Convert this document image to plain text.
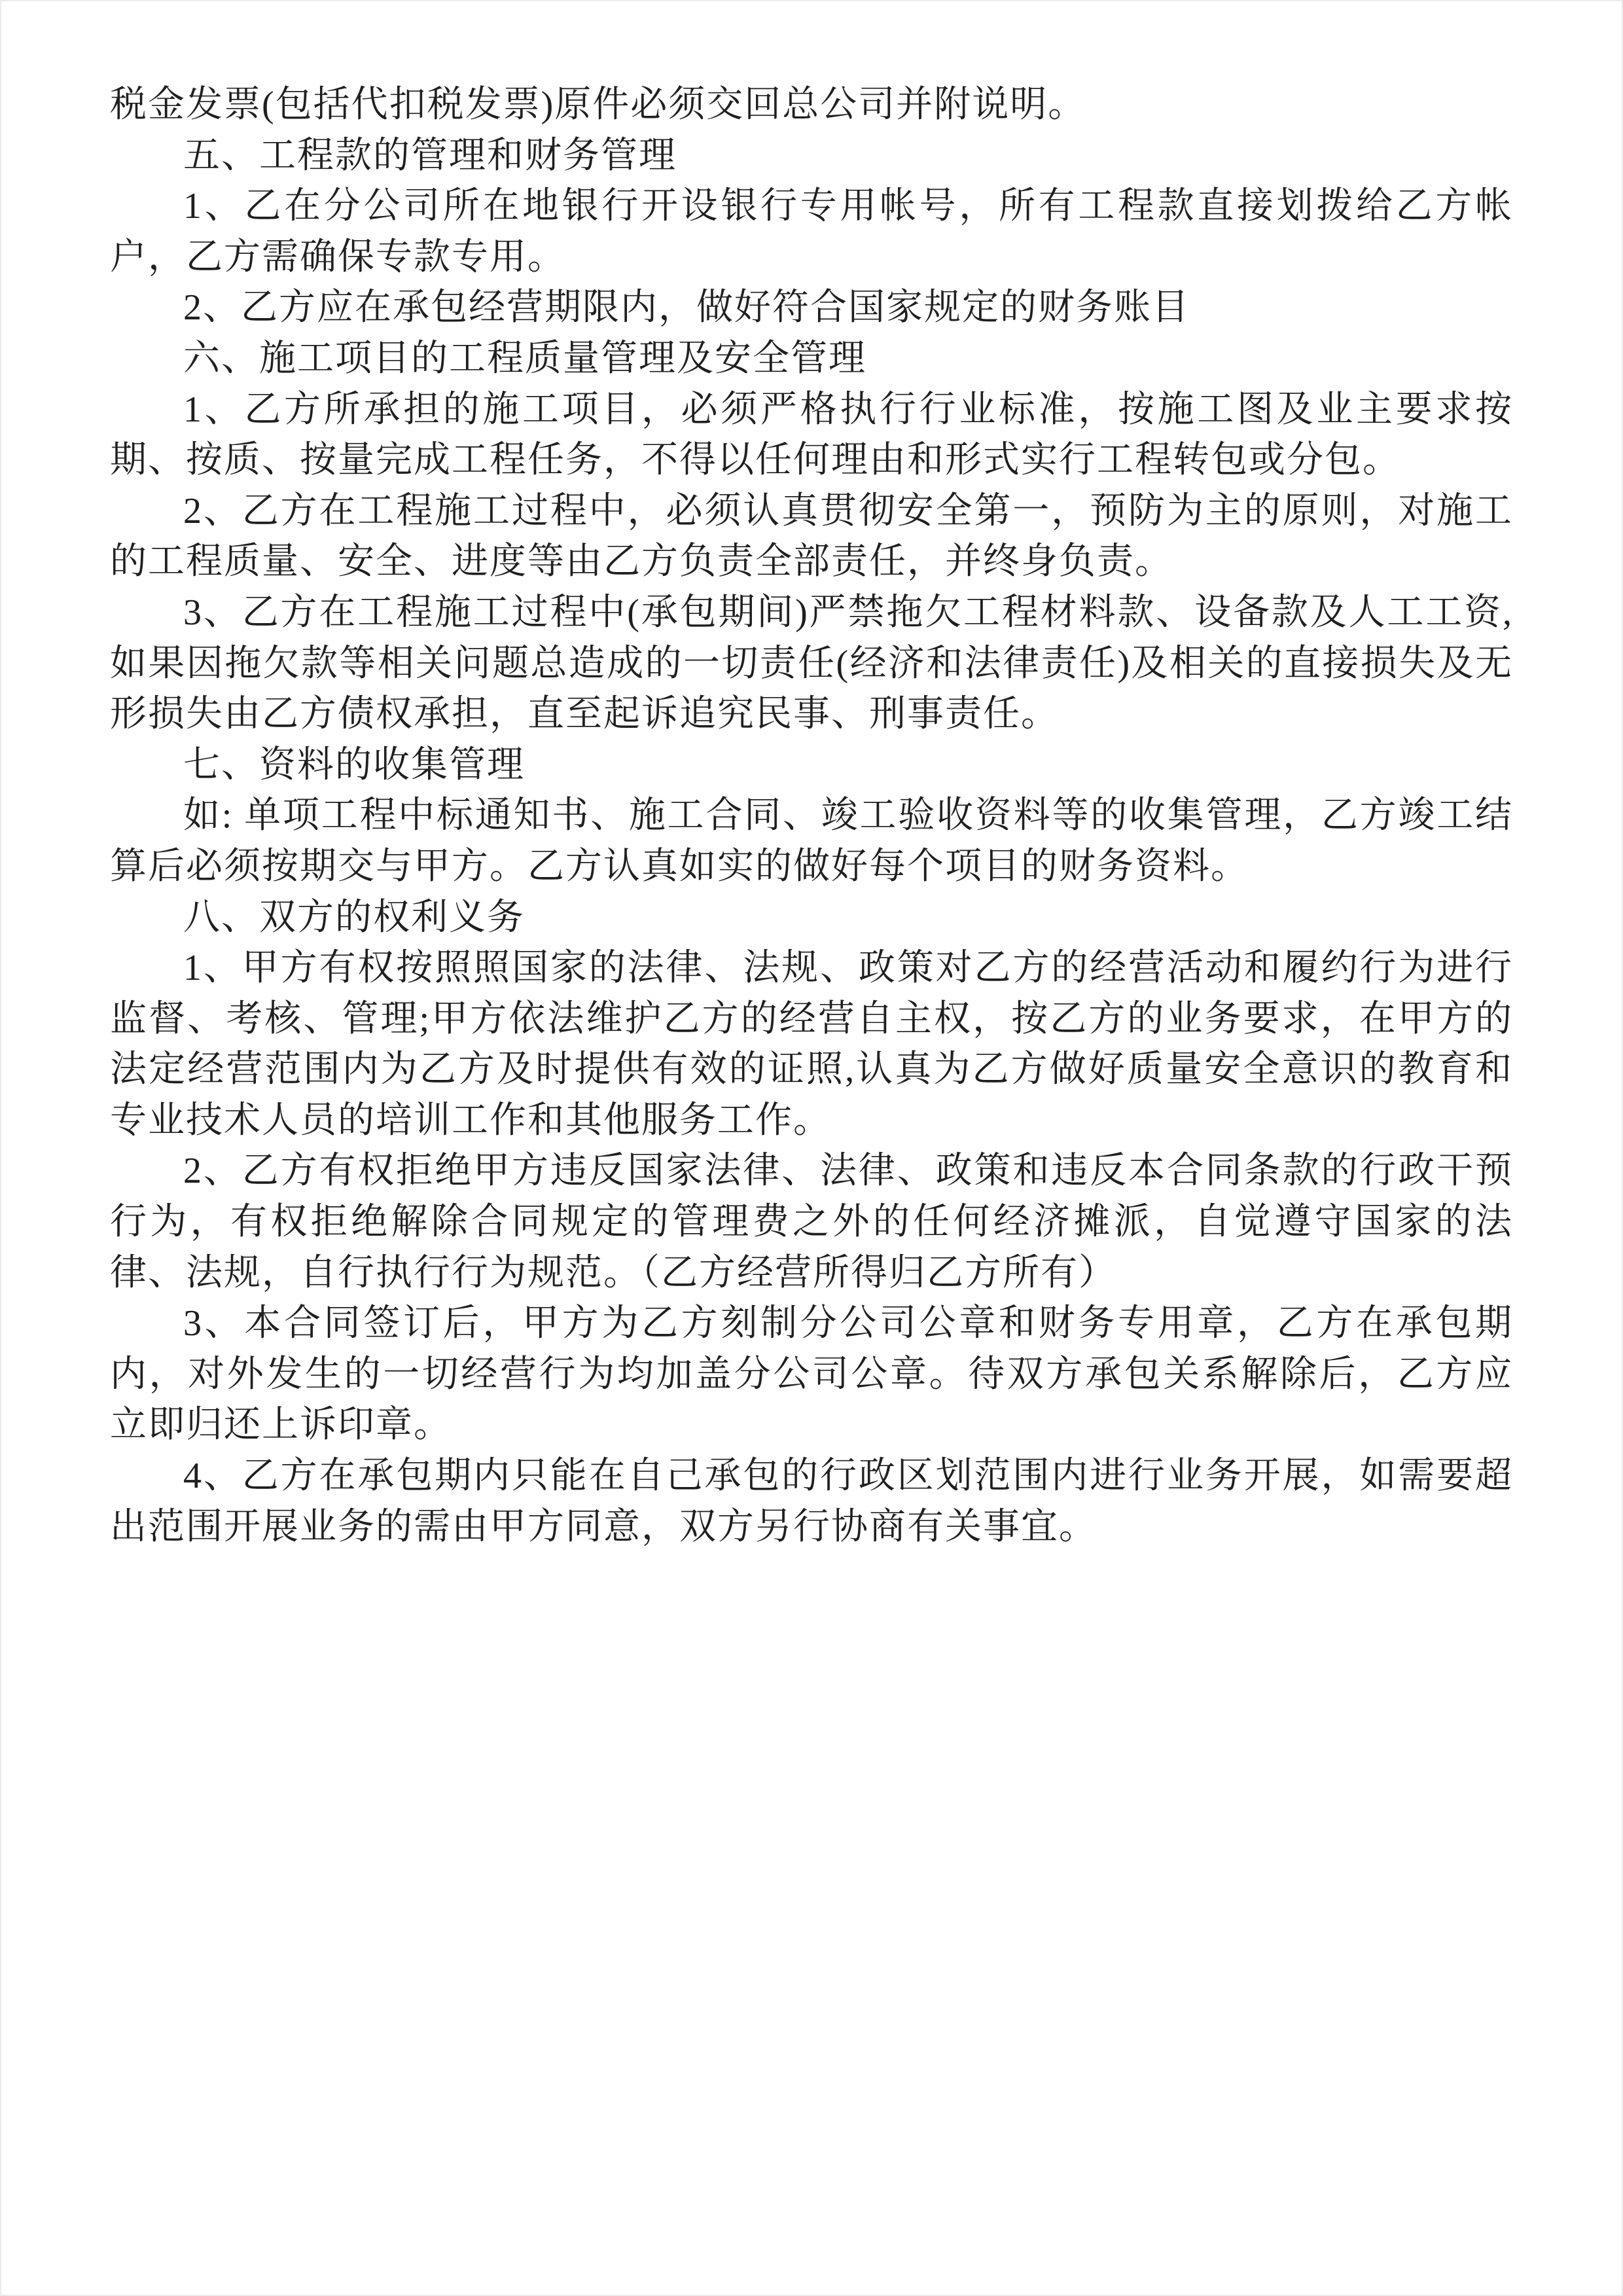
税金发票(包括代扣税发票)原件必须交回总公司并附说明。

五、工程款的管理和财务管理

1、乙在分公司所在地银行开设银行专用帐号，所有工程款直接划拨给乙方帐户，乙方需确保专款专用。

2、乙方应在承包经营期限内，做好符合国家规定的财务账目

六、施工项目的工程质量管理及安全管理

1、乙方所承担的施工项目，必须严格执行行业标准，按施工图及业主要求按期、按质、按量完成工程任务，不得以任何理由和形式实行工程转包或分包。

2、乙方在工程施工过程中，必须认真贯彻安全第一，预防为主的原则，对施工的工程质量、安全、进度等由乙方负责全部责任，并终身负责。

3、乙方在工程施工过程中(承包期间)严禁拖欠工程材料款、设备款及人工工资,如果因拖欠款等相关问题总造成的一切责任(经济和法律责任)及相关的直接损失及无形损失由乙方债权承担，直至起诉追究民事、刑事责任。

七、资料的收集管理

如: 单项工程中标通知书、施工合同、竣工验收资料等的收集管理，乙方竣工结算后必须按期交与甲方。乙方认真如实的做好每个项目的财务资料。

八、双方的权利义务

1、甲方有权按照照国家的法律、法规、政策对乙方的经营活动和履约行为进行监督、考核、管理;甲方依法维护乙方的经营自主权，按乙方的业务要求，在甲方的法定经营范围内为乙方及时提供有效的证照,认真为乙方做好质量安全意识的教育和专业技术人员的培训工作和其他服务工作。

2、乙方有权拒绝甲方违反国家法律、法律、政策和违反本合同条款的行政干预行为，有权拒绝解除合同规定的管理费之外的任何经济摊派，自觉遵守国家的法律、法规，自行执行行为规范。（乙方经营所得归乙方所有）

3、本合同签订后，甲方为乙方刻制分公司公章和财务专用章，乙方在承包期内，对外发生的一切经营行为均加盖分公司公章。待双方承包关系解除后，乙方应立即归还上诉印章。

4、乙方在承包期内只能在自己承包的行政区划范围内进行业务开展，如需要超出范围开展业务的需由甲方同意，双方另行协商有关事宜。
